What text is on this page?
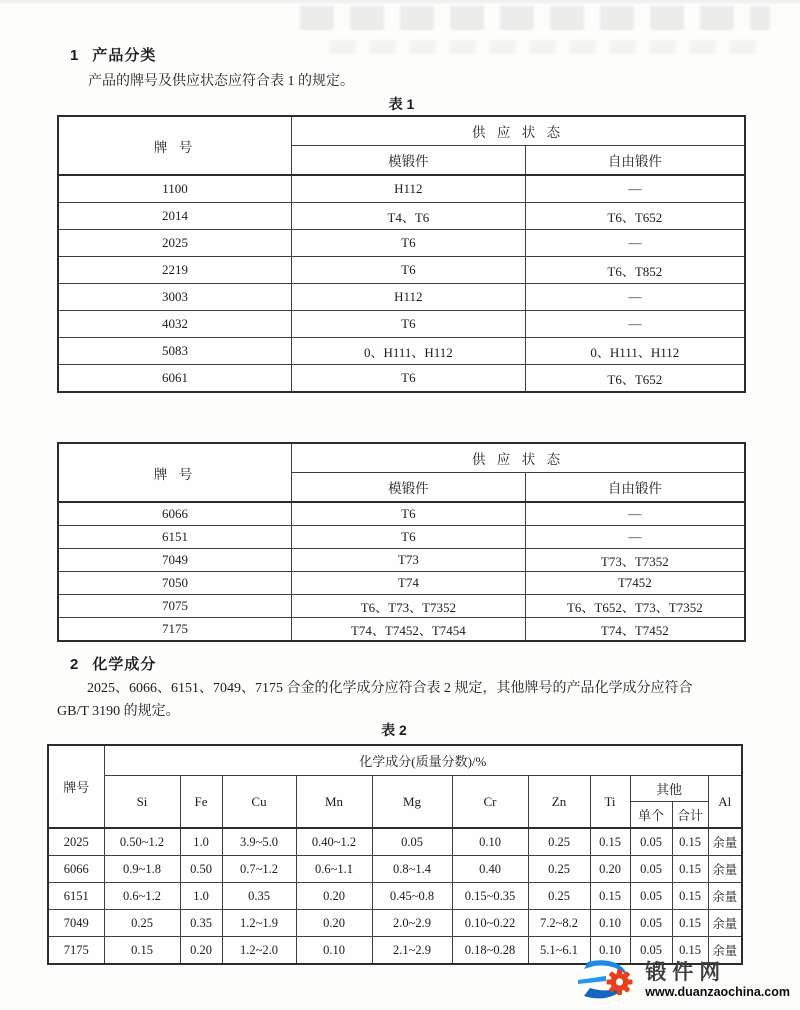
1 产品分类

产品的牌号及供应状态应符合表 1 的规定。

表 1
牌 号	供 应 状 态	
	模锻件	自由锻件
1100	H112	—
2014	T4、T6	T6、T652
2025	T6	—
2219	T6	T6、T852
3003	H112	—
4032	T6	—
5083	0、H111、H112	0、H111、H112
6061	T6	T6、T652
牌 号	供 应 状 态	
	模锻件	自由锻件
6066	T6	—
6151	T6	—
7049	T73	T73、T7352
7050	T74	T7452
7075	T6、T73、T7352	T6、T652、T73、T7352
7175	T74、T7452、T7454	T74、T7452
2 化学成分
2025、6066、6151、7049、7175 合金的化学成分应符合表 2 规定，其他牌号的产品化学成分应符合
GB/T 3190 的规定。
表 2
牌号	化学成分(质量分数)/%										
	Si	Fe	Cu	Mn	Mg	Cr	Zn	Ti	其他		Al
									单个	合计	
2025	0.50~1.2	1.0	3.9~5.0	0.40~1.2	0.05	0.10	0.25	0.15	0.05	0.15	余量
6066	0.9~1.8	0.50	0.7~1.2	0.6~1.1	0.8~1.4	0.40	0.25	0.20	0.05	0.15	余量
6151	0.6~1.2	1.0	0.35	0.20	0.45~0.8	0.15~0.35	0.25	0.15	0.05	0.15	余量
7049	0.25	0.35	1.2~1.9	0.20	2.0~2.9	0.10~0.22	7.2~8.2	0.10	0.05	0.15	余量
7175	0.15	0.20	1.2~2.0	0.10	2.1~2.9	0.18~0.28	5.1~6.1	0.10	0.05	0.15	余量
锻件网
www.duanzaochina.com
